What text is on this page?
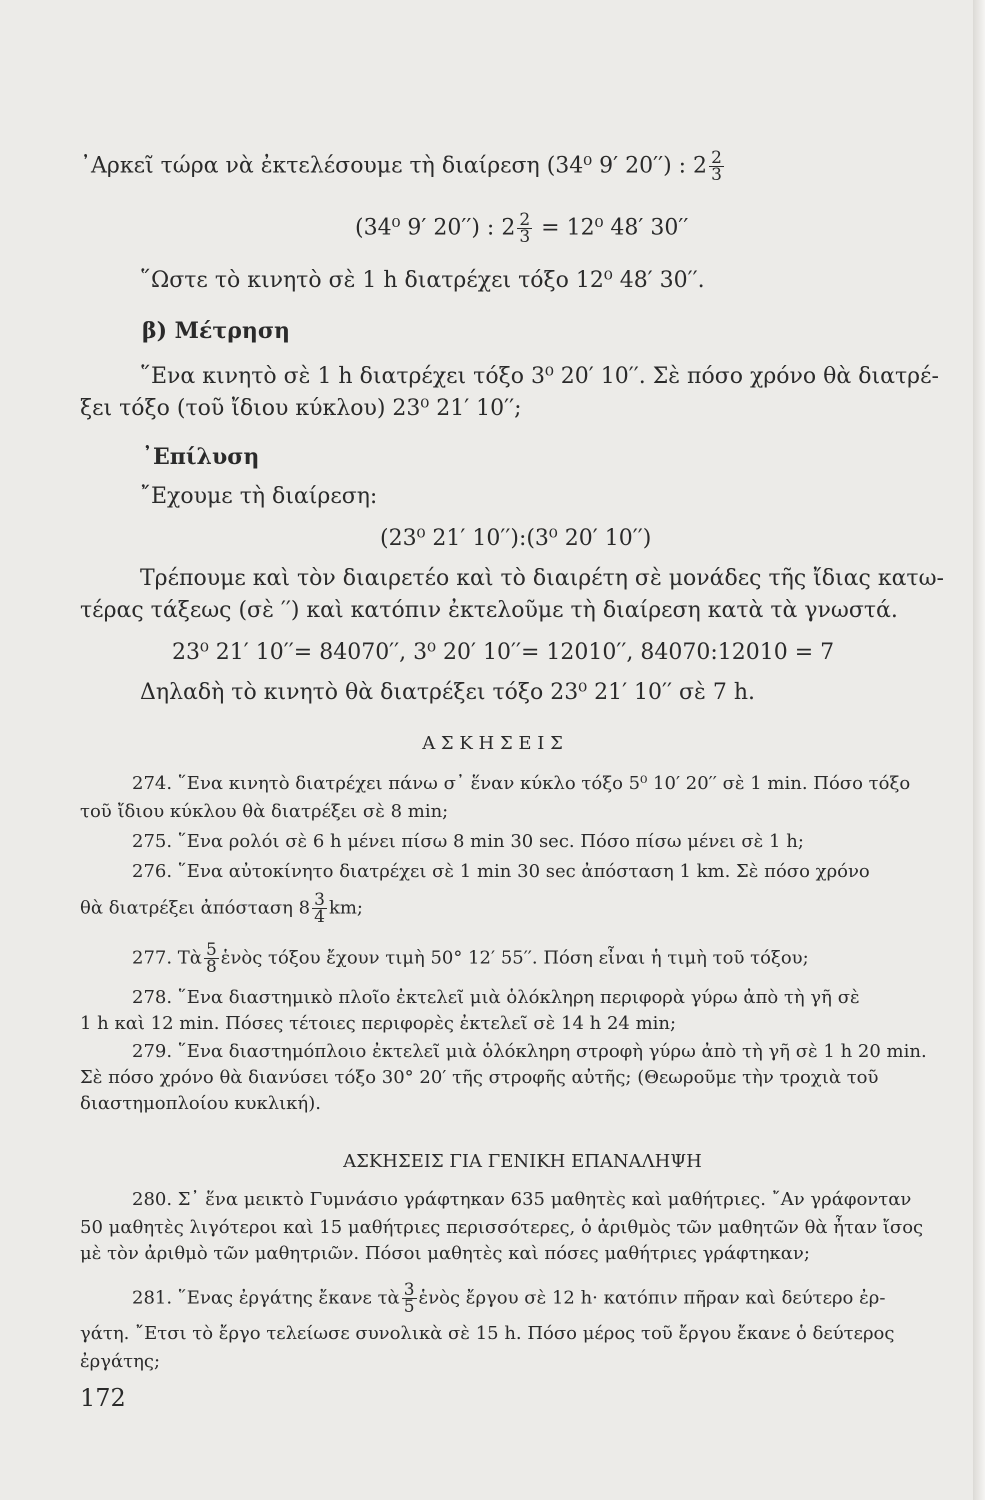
᾿Αρκεῖ τώρα νὰ ἐκτελέσουμε τὴ διαίρεση (34⁰ 9′ 20′′) : $2 \frac{2}{3}$
(34⁰ 9′ 20′′) : $2 \frac{2}{3} = 12^0$ 48′ 30′′
῞Ωστε τὸ κινητὸ σὲ 1 h διατρέχει τόξο 12⁰ 48′ 30′′.
β) Μέτρηση
῞Ενα κινητὸ σὲ 1 h διατρέχει τόξο 3⁰ 20′ 10′′. Σὲ πόσο χρόνο θὰ διατρέ-
ξει τόξο (τοῦ ἴδιου κύκλου) 23⁰ 21′ 10′′;
᾿Επίλυση
῎Εχουμε τὴ διαίρεση:
(23⁰ 21′ 10′′):(3⁰ 20′ 10′′)
Τρέπουμε καὶ τὸν διαιρετέο καὶ τὸ διαιρέτη σὲ μονάδες τῆς ἴδιας κατω-
τέρας τάξεως (σὲ ′′) καὶ κατόπιν ἐκτελοῦμε τὴ διαίρεση κατὰ τὰ γνωστά.
23⁰ 21′ 10′′= 84070′′, 3⁰ 20′ 10′′= 12010′′, 84070:12010 = 7
Δηλαδὴ τὸ κινητὸ θὰ διατρέξει τόξο 23⁰ 21′ 10′′ σὲ 7 h.
Α Σ Κ Η Σ Ε Ι Σ
274. ῞Ενα κινητὸ διατρέχει πάνω σ᾿ ἕναν κύκλο τόξο 5⁰ 10′ 20′′ σὲ 1 min. Πόσο τόξο
τοῦ ἴδιου κύκλου θὰ διατρέξει σὲ 8 min;
275. ῞Ενα ρολόι σὲ 6 h μένει πίσω 8 min 30 sec. Πόσο πίσω μένει σὲ 1 h;
276. ῞Ενα αὐτοκίνητο διατρέχει σὲ 1 min 30 sec ἀπόσταση 1 km. Σὲ πόσο χρόνο
θὰ διατρέξει ἀπόσταση $8 \frac{3}{4}$ km;
277. Τὰ $\frac{5}{8}$ ἑνὸς τόξου ἔχουν τιμὴ 50° 12′ 55′′. Πόση εἶναι ἡ τιμὴ τοῦ τόξου;
278. ῞Ενα διαστημικὸ πλοῖο ἐκτελεῖ μιὰ ὁλόκληρη περιφορὰ γύρω ἀπὸ τὴ γῆ σὲ
1 h καὶ 12 min. Πόσες τέτοιες περιφορὲς ἐκτελεῖ σὲ 14 h 24 min;
279. ῞Ενα διαστημόπλοιο ἐκτελεῖ μιὰ ὁλόκληρη στροφὴ γύρω ἀπὸ τὴ γῆ σὲ 1 h 20 min.
Σὲ πόσο χρόνο θὰ διανύσει τόξο 30° 20′ τῆς στροφῆς αὐτῆς; (Θεωροῦμε τὴν τροχιὰ τοῦ
διαστημοπλοίου κυκλική).
ΑΣΚΗΣΕΙΣ ΓΙΑ ΓΕΝΙΚΗ ΕΠΑΝΑΛΗΨΗ
280. Σ᾿ ἕνα μεικτὸ Γυμνάσιο γράφτηκαν 635 μαθητὲς καὶ μαθήτριες. ῎Αν γράφονταν
50 μαθητὲς λιγότεροι καὶ 15 μαθήτριες περισσότερες, ὁ ἀριθμὸς τῶν μαθητῶν θὰ ἦταν ἴσος
μὲ τὸν ἀριθμὸ τῶν μαθητριῶν. Πόσοι μαθητὲς καὶ πόσες μαθήτριες γράφτηκαν;
281. ῞Ενας ἐργάτης ἔκανε τὰ $\frac{3}{5}$ ἑνὸς ἔργου σὲ 12 h· κατόπιν πῆραν καὶ δεύτερο ἐρ-
γάτη. ῎Ετσι τὸ ἔργο τελείωσε συνολικὰ σὲ 15 h. Πόσο μέρος τοῦ ἔργου ἔκανε ὁ δεύτερος
ἐργάτης;
172
